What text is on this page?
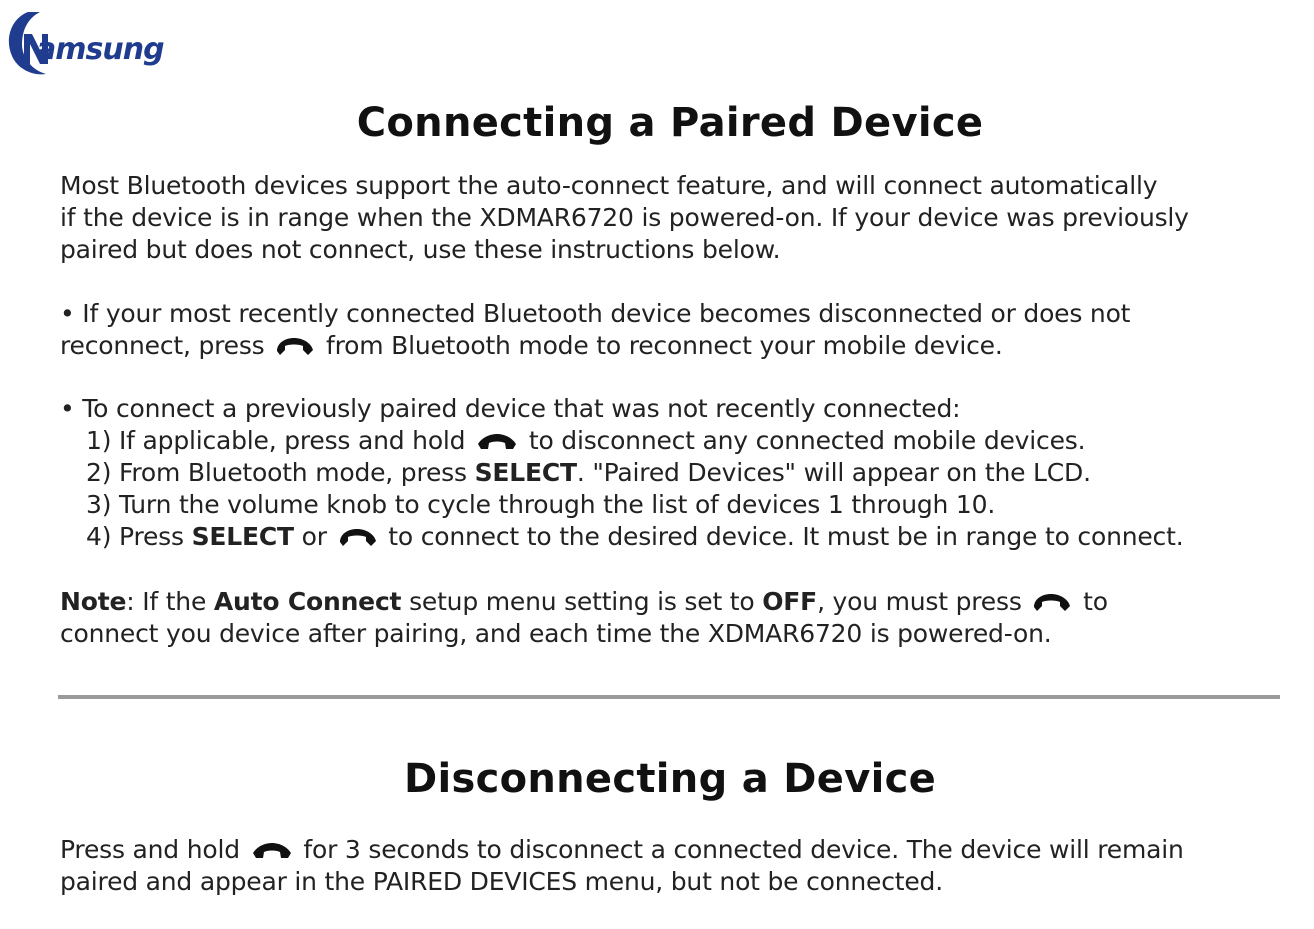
amsung
Connecting a Paired Device
Most Bluetooth devices support the auto-connect feature, and will connect automatically
if the device is in range when the XDMAR6720 is powered-on. If your device was previously
paired but does not connect, use these instructions below.
• If your most recently connected Bluetooth device becomes disconnected or does not
reconnect, press from Bluetooth mode to reconnect your mobile device.
• To connect a previously paired device that was not recently connected:
1) If applicable, press and hold	to disconnect any connected mobile devices.
2) From Bluetooth mode, press SELECT. "Paired Devices" will appear on the LCD.
3) Turn the volume knob to cycle through the list of devices 1 through 10.
4) Press SELECT or to connect to the desired device. It must be in range to connect.
Note: If the Auto Connect setup menu setting is set to OFF, you must press to
connect you device after pairing, and each time the XDMAR6720 is powered-on.
Disconnecting a Device
Press and hold	for 3 seconds to disconnect a connected device. The device will remain
paired and appear in the PAIRED DEVICES menu, but not be connected.
